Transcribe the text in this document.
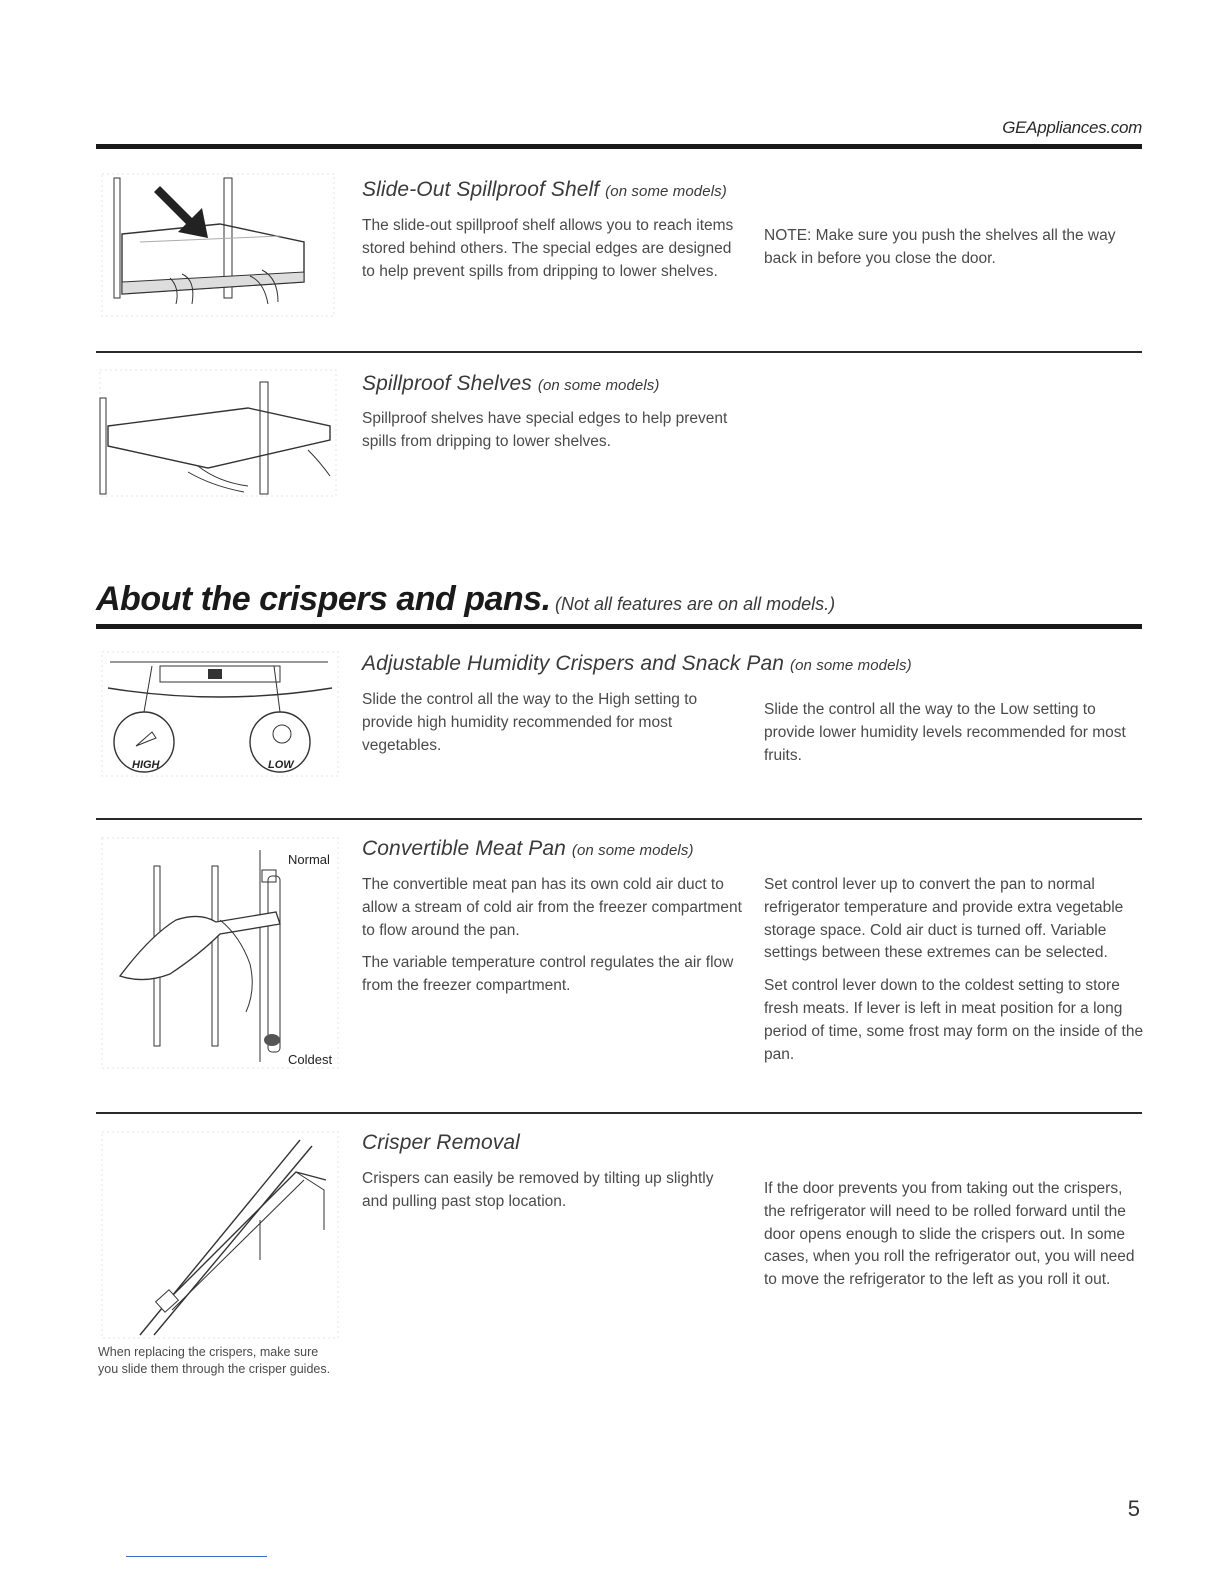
GEAppliances.com
Slide-Out Spillproof Shelf (on some models)
The slide-out spillproof shelf allows you to reach items stored behind others. The special edges are designed to help prevent spills from dripping to lower shelves.
NOTE: Make sure you push the shelves all the way back in before you close the door.
Spillproof Shelves (on some models)
Spillproof shelves have special edges to help prevent spills from dripping to lower shelves.
About the crispers and pans. (Not all features are on all models.)
HIGH	LOW
Adjustable Humidity Crispers and Snack Pan (on some models)
Slide the control all the way to the High setting to provide high humidity recommended for most vegetables.
Slide the control all the way to the Low setting to provide lower humidity levels recommended for most fruits.
Normal
Coldest
Convertible Meat Pan (on some models)
The convertible meat pan has its own cold air duct to allow a stream of cold air from the freezer compartment to flow around the pan.
The variable temperature control regulates the air flow from the freezer compartment.
Set control lever up to convert the pan to normal refrigerator temperature and provide extra vegetable storage space. Cold air duct is turned off. Variable settings between these extremes can be selected.
Set control lever down to the coldest setting to store fresh meats. If lever is left in meat position for a long period of time, some frost may form on the inside of the pan.
When replacing the crispers, make sure you slide them through the crisper guides.
Crisper Removal
Crispers can easily be removed by tilting up slightly and pulling past stop location.
If the door prevents you from taking out the crispers, the refrigerator will need to be rolled forward until the door opens enough to slide the crispers out. In some cases, when you roll the refrigerator out, you will need to move the refrigerator to the left as you roll it out.
5
